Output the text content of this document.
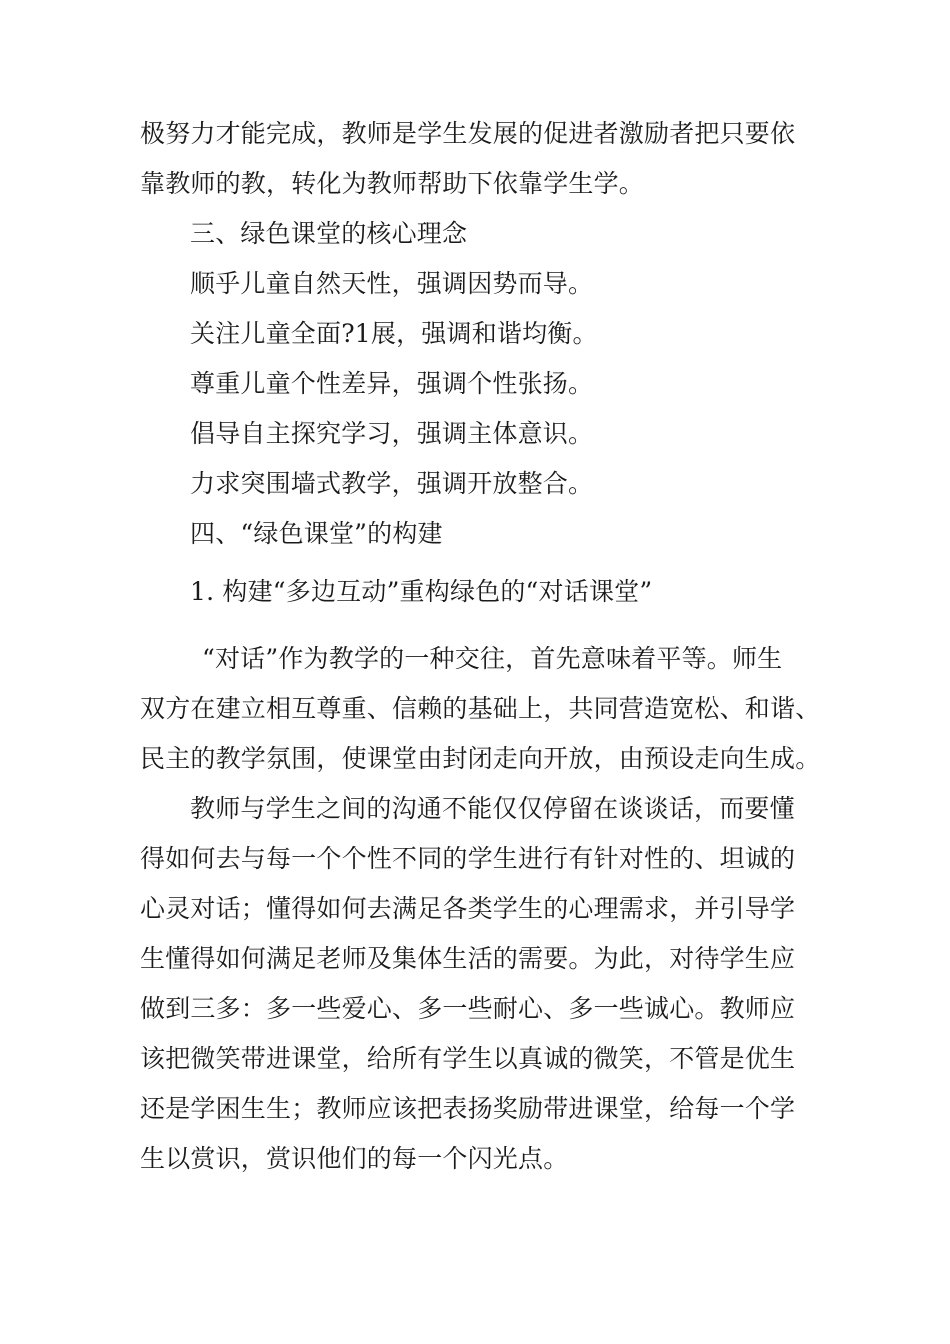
极努力才能完成，教师是学生发展的促进者激励者把只要依
靠教师的教，转化为教师帮助下依靠学生学。
三、绿色课堂的核心理念
顺乎儿童自然天性，强调因势而导。
关注儿童全面?1展，强调和谐均衡。
尊重儿童个性差异，强调个性张扬。
倡导自主探究学习，强调主体意识。
力求突围墙式教学，强调开放整合。
四、“绿色课堂”的构建
1. 构建“多边互动”重构绿色的“对话课堂”
“对话”作为教学的一种交往，首先意味着平等。师生
双方在建立相互尊重、信赖的基础上，共同营造宽松、和谐、
民主的教学氛围，使课堂由封闭走向开放，由预设走向生成。
教师与学生之间的沟通不能仅仅停留在谈谈话，而要懂
得如何去与每一个个性不同的学生进行有针对性的、坦诚的
心灵对话；懂得如何去满足各类学生的心理需求，并引导学
生懂得如何满足老师及集体生活的需要。为此，对待学生应
做到三多：多一些爱心、多一些耐心、多一些诚心。教师应
该把微笑带进课堂，给所有学生以真诚的微笑，不管是优生
还是学困生生；教师应该把表扬奖励带进课堂，给每一个学
生以赏识，赏识他们的每一个闪光点。
